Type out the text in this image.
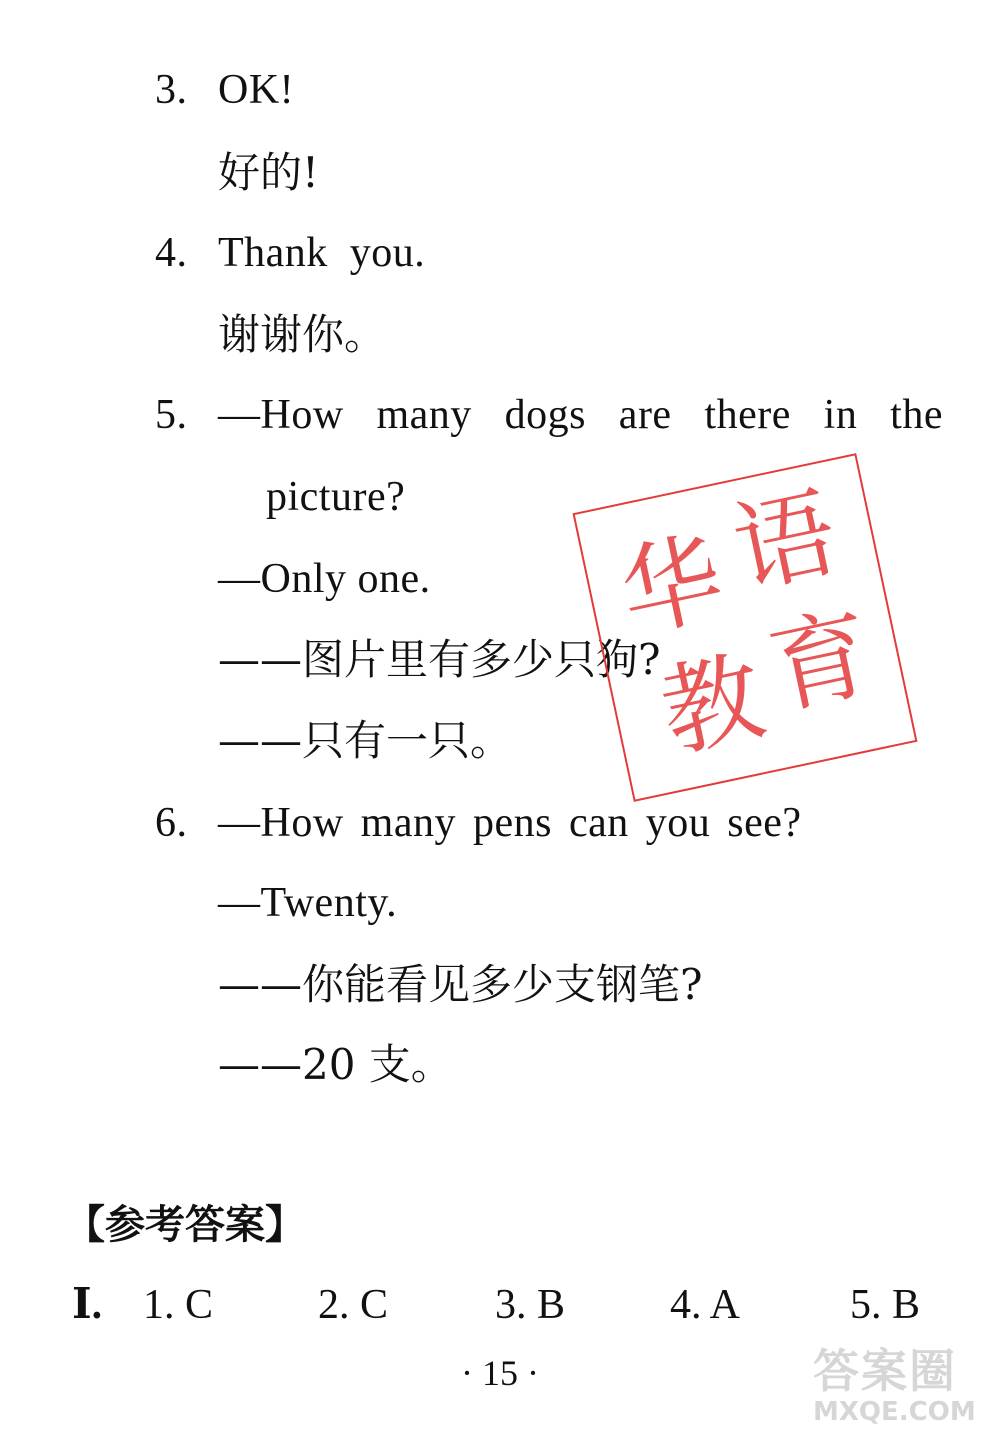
3. OK!
好的!
4. Thank  you.
谢谢你。
5. —How many dogs are there in the
picture?
—Only one.
——图片里有多少只狗?
——只有一只。
6. —How many pens can you see?
—Twenty.
——你能看见多少支钢笔?
——20 支。
华
语
教
育
【参考答案】
Ⅰ. 1. C 2. C	3. B 4. A	5. B
· 15 ·	答案圈
MXQE.COM
